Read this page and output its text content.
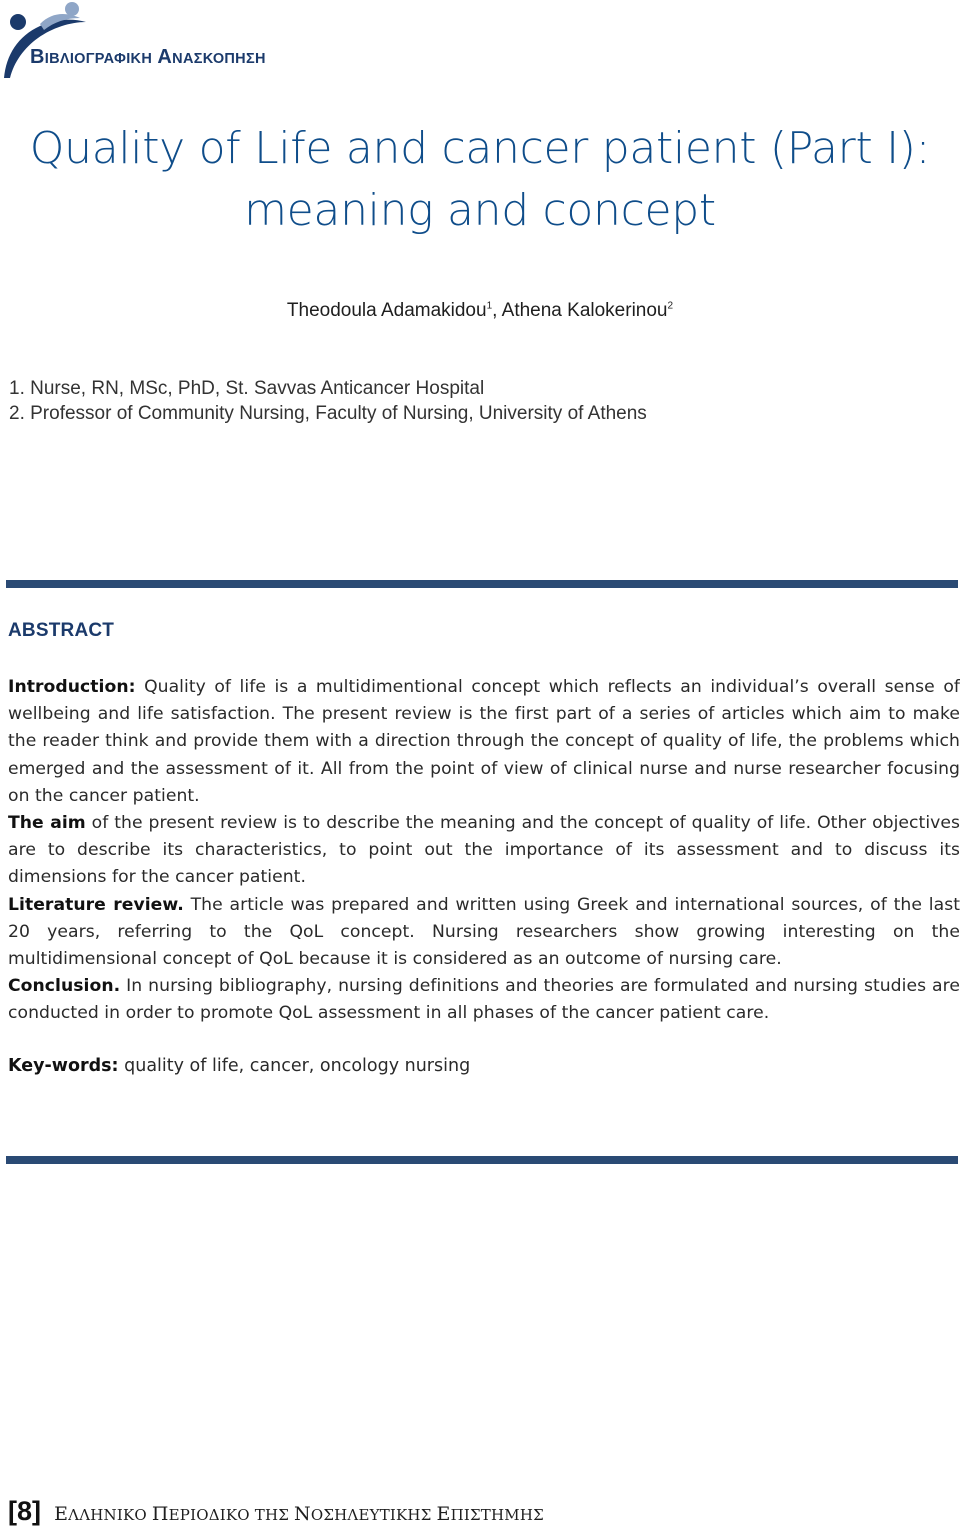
ΒΙΒΛΙΟΓΡΑΦΙΚΗ ΑΝΑΣΚΟΠΗΣΗ
Quality of Life and cancer patient (Part I):
meaning and concept
Theodoula Adamakidou$^1$, Athena Kalokerinou$^2$
1. Nurse, RN, MSc, PhD, St. Savvas Anticancer Hospital
2. Professor of Community Nursing, Faculty of Nursing, University of Athens
ABSTRACT

Introduction: Quality of life is a multidimentional concept which reflects an individual’s overall sense of wellbeing and life satisfaction. The present review is the first part of a series of articles which aim to make the reader think and provide them with a direction through the concept of quality of life, the problems which emerged and the assessment of it. All from the point of view of clinical nurse and nurse researcher focusing on the cancer patient.

The aim of the present review is to describe the meaning and the concept of quality of life. Other objectives are to describe its characteristics, to point out the importance of its assessment and to discuss its dimensions for the cancer patient.

Literature review. The article was prepared and written using Greek and international sources, of the last 20 years, referring to the QoL concept. Nursing researchers show growing interesting on the multidimensional concept of QoL because it is considered as an outcome of nursing care.

Conclusion. In nursing bibliography, nursing definitions and theories are formulated and nursing studies are conducted in order to promote QoL assessment in all phases of the cancer patient care.

Key-words: quality of life, cancer, oncology nursing
[8] ΕΛΛΗΝΙΚΟ ΠΕΡΙΟΔΙΚΟ ΤΗΣ ΝΟΣΗΛΕΥΤΙΚΗΣ ΕΠΙΣΤΗΜΗΣ
